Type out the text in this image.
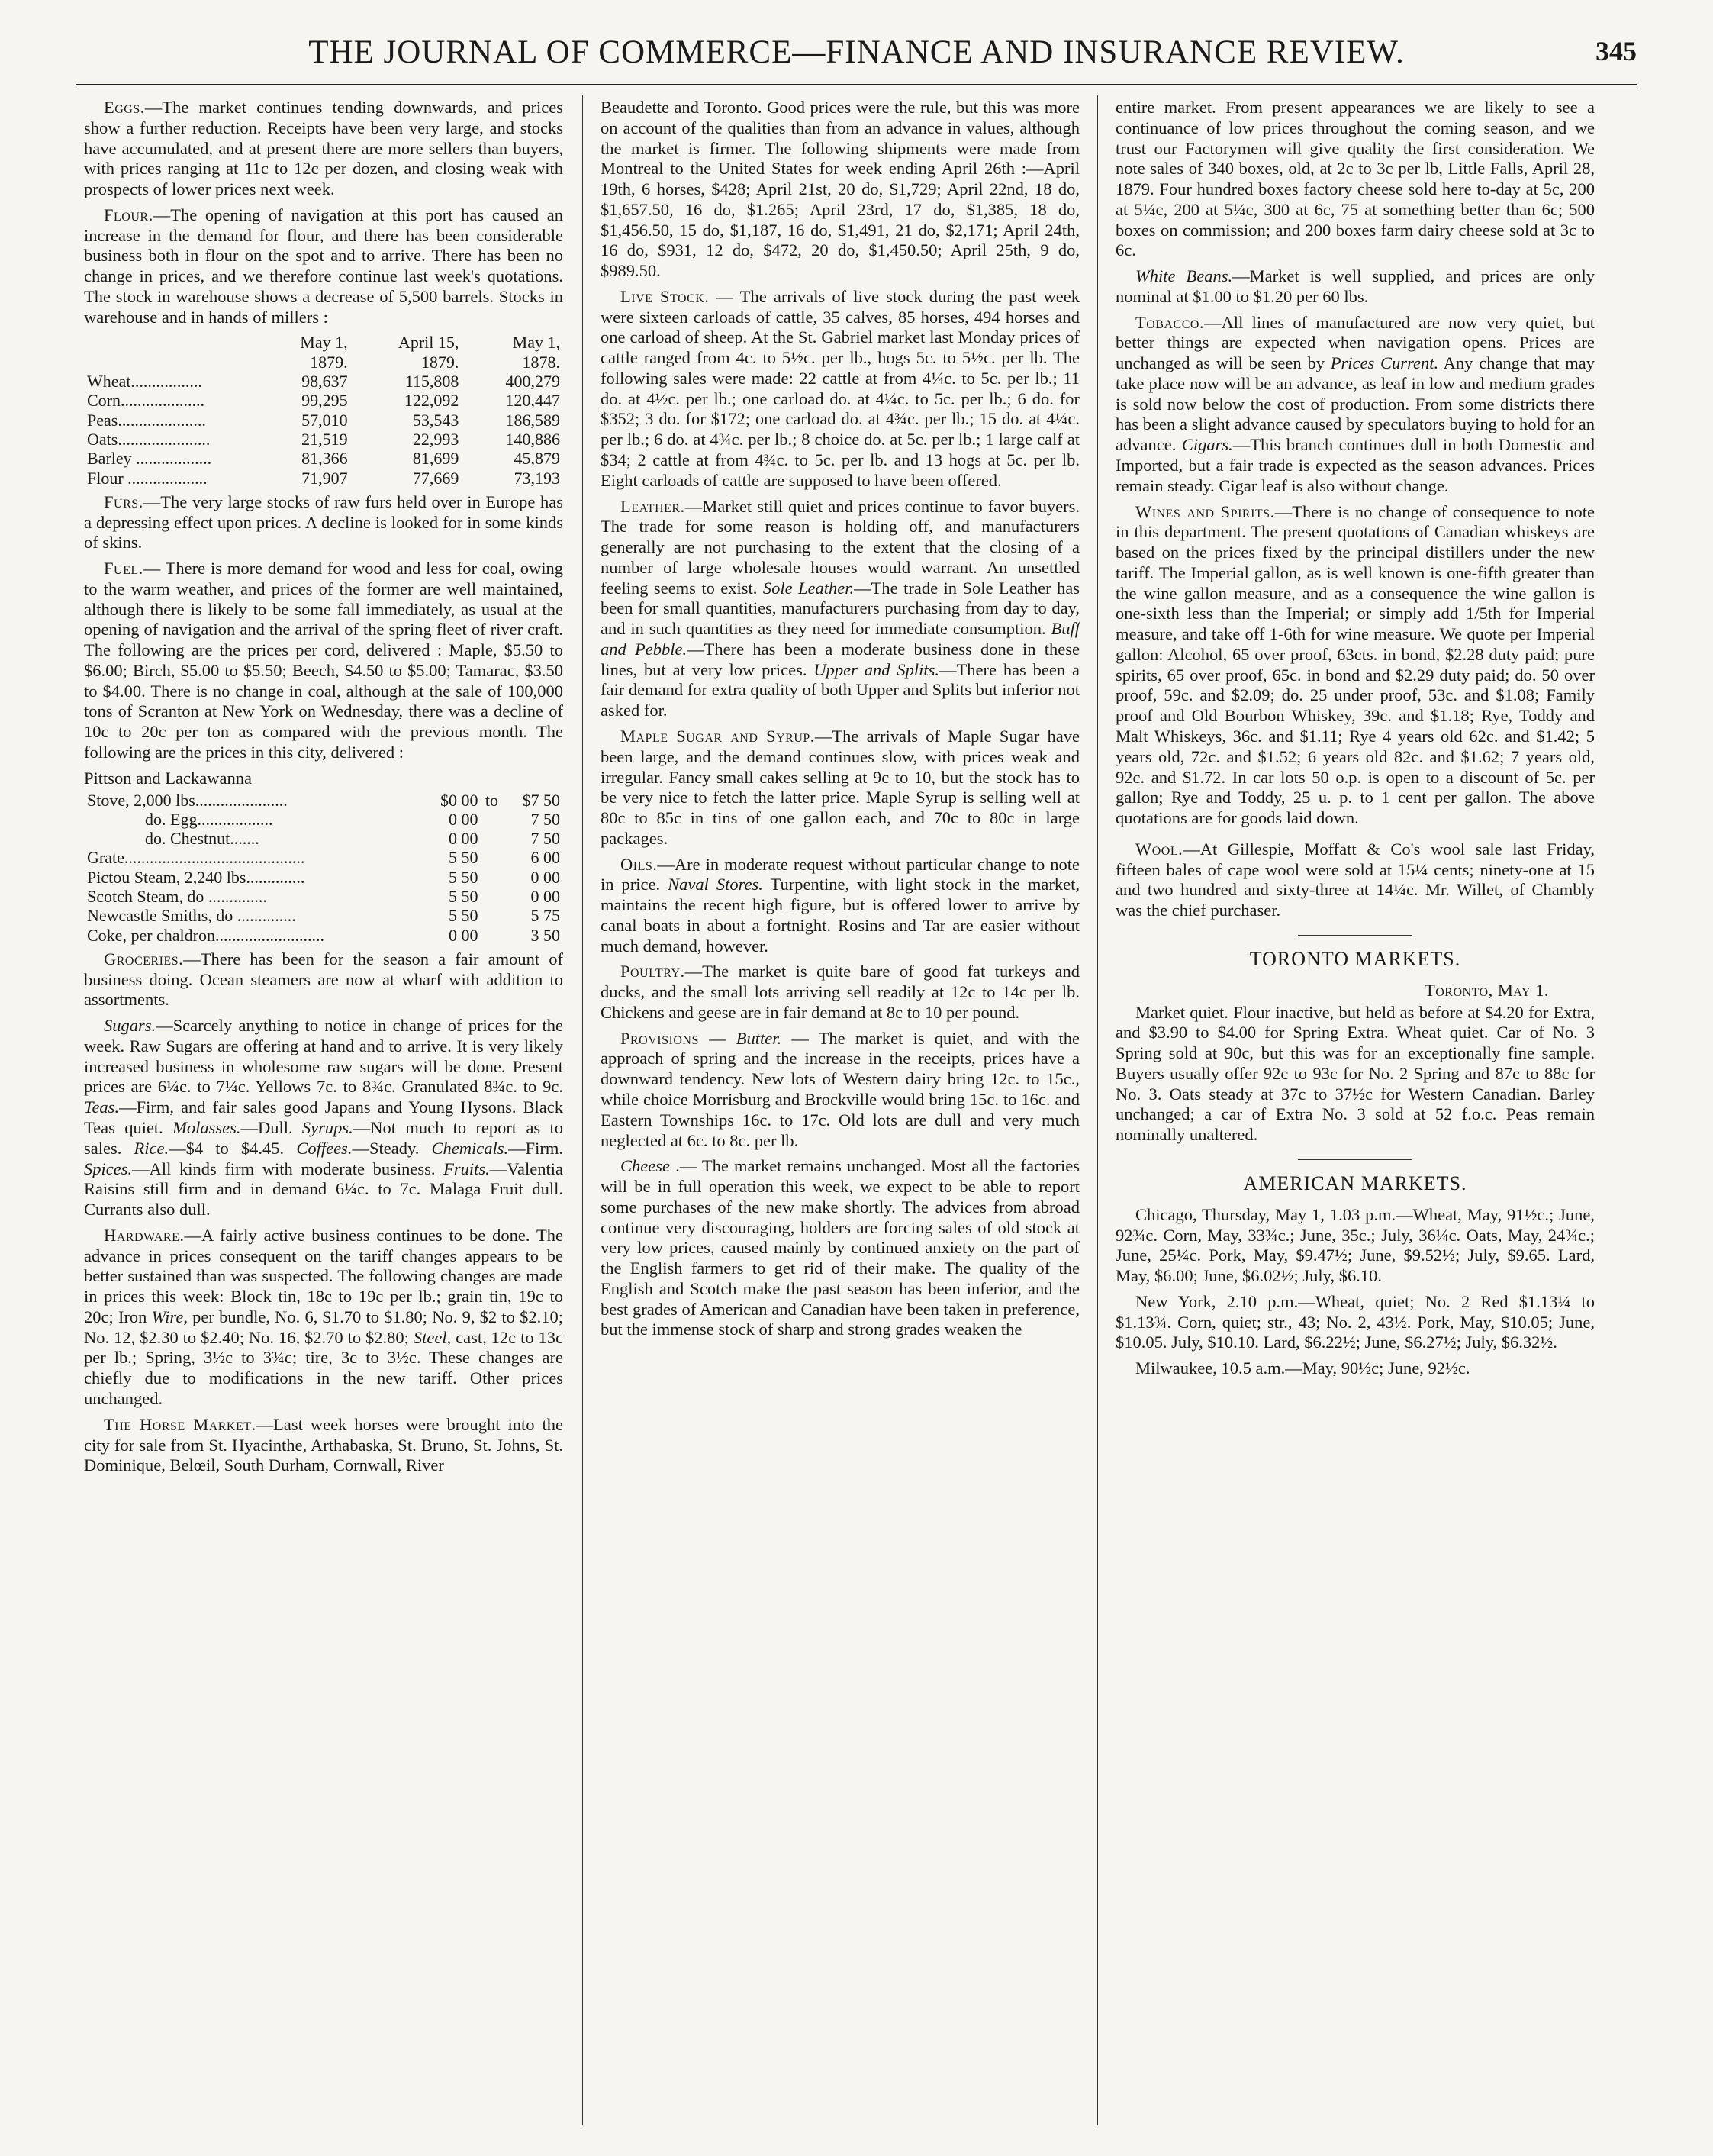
THE JOURNAL OF COMMERCE—FINANCE AND INSURANCE REVIEW.	345

Eggs.—The market continues tending downwards, and prices show a further reduction. Receipts have been very large, and stocks have accumulated, and at present there are more sellers than buyers, with prices ranging at 11c to 12c per dozen, and closing weak with prospects of lower prices next week.

Flour.—The opening of navigation at this port has caused an increase in the demand for flour, and there has been considerable business both in flour on the spot and to arrive. There has been no change in prices, and we therefore continue last week's quotations. The stock in warehouse shows a decrease of 5,500 barrels. Stocks in warehouse and in hands of millers :

	May 1,	April 15,	May 1,
	1879.	1879.	1878.
Wheat.................	98,637	115,808	400,279
Corn....................	99,295	122,092	120,447
Peas.....................	57,010	53,543	186,589
Oats......................	21,519	22,993	140,886
Barley ..................	81,366	81,699	45,879
Flour ...................	71,907	77,669	73,193

Furs.—The very large stocks of raw furs held over in Europe has a depressing effect upon prices. A decline is looked for in some kinds of skins.

Fuel.— There is more demand for wood and less for coal, owing to the warm weather, and prices of the former are well maintained, although there is likely to be some fall immediately, as usual at the opening of navigation and the arrival of the spring fleet of river craft. The following are the prices per cord, delivered : Maple, $5.50 to $6.00; Birch, $5.00 to $5.50; Beech, $4.50 to $5.00; Tamarac, $3.50 to $4.00. There is no change in coal, although at the sale of 100,000 tons of Scranton at New York on Wednesday, there was a decline of 10c to 20c per ton as compared with the previous month. The following are the prices in this city, delivered :

Pittson and Lackawanna

Stove, 2,000 lbs......................	$0 00	to	$7 50
do. Egg..................	0 00		7 50
do. Chestnut.......	0 00		7 50
Grate...........................................	5 50		6 00
Pictou Steam, 2,240 lbs..............	5 50		0 00
Scotch Steam, do ..............	5 50		0 00
Newcastle Smiths, do ..............	5 50		5 75
Coke, per chaldron..........................	0 00		3 50

Groceries.—There has been for the season a fair amount of business doing. Ocean steamers are now at wharf with addition to assortments.

Sugars.—Scarcely anything to notice in change of prices for the week. Raw Sugars are offering at hand and to arrive. It is very likely increased business in wholesome raw sugars will be done. Present prices are 6¼c. to 7¼c. Yellows 7c. to 8¾c. Granulated 8¾c. to 9c. Teas.—Firm, and fair sales good Japans and Young Hysons. Black Teas quiet. Molasses.—Dull. Syrups.—Not much to report as to sales. Rice.—$4 to $4.45. Coffees.—Steady. Chemicals.—Firm. Spices.—All kinds firm with moderate business. Fruits.—Valentia Raisins still firm and in demand 6¼c. to 7c. Malaga Fruit dull. Currants also dull.

Hardware.—A fairly active business continues to be done. The advance in prices consequent on the tariff changes appears to be better sustained than was suspected. The following changes are made in prices this week: Block tin, 18c to 19c per lb.; grain tin, 19c to 20c; Iron Wire, per bundle, No. 6, $1.70 to $1.80; No. 9, $2 to $2.10; No. 12, $2.30 to $2.40; No. 16, $2.70 to $2.80; Steel, cast, 12c to 13c per lb.; Spring, 3½c to 3¾c; tire, 3c to 3½c. These changes are chiefly due to modifications in the new tariff. Other prices unchanged.

The Horse Market.—Last week horses were brought into the city for sale from St. Hyacinthe, Arthabaska, St. Bruno, St. Johns, St. Dominique, Belœil, South Durham, Cornwall, River

Beaudette and Toronto. Good prices were the rule, but this was more on account of the qualities than from an advance in values, although the market is firmer. The following shipments were made from Montreal to the United States for week ending April 26th :—April 19th, 6 horses, $428; April 21st, 20 do, $1,729; April 22nd, 18 do, $1,657.50, 16 do, $1.265; April 23rd, 17 do, $1,385, 18 do, $1,456.50, 15 do, $1,187, 16 do, $1,491, 21 do, $2,171; April 24th, 16 do, $931, 12 do, $472, 20 do, $1,450.50; April 25th, 9 do, $989.50.

Live Stock. — The arrivals of live stock during the past week were sixteen carloads of cattle, 35 calves, 85 horses, 494 horses and one carload of sheep. At the St. Gabriel market last Monday prices of cattle ranged from 4c. to 5½c. per lb., hogs 5c. to 5½c. per lb. The following sales were made: 22 cattle at from 4¼c. to 5c. per lb.; 11 do. at 4½c. per lb.; one carload do. at 4¼c. to 5c. per lb.; 6 do. for $352; 3 do. for $172; one carload do. at 4¾c. per lb.; 15 do. at 4¼c. per lb.; 6 do. at 4¾c. per lb.; 8 choice do. at 5c. per lb.; 1 large calf at $34; 2 cattle at from 4¾c. to 5c. per lb. and 13 hogs at 5c. per lb. Eight carloads of cattle are supposed to have been offered.

Leather.—Market still quiet and prices continue to favor buyers. The trade for some reason is holding off, and manufacturers generally are not purchasing to the extent that the closing of a number of large wholesale houses would warrant. An unsettled feeling seems to exist. Sole Leather.—The trade in Sole Leather has been for small quantities, manufacturers purchasing from day to day, and in such quantities as they need for immediate consumption. Buff and Pebble.—There has been a moderate business done in these lines, but at very low prices. Upper and Splits.—There has been a fair demand for extra quality of both Upper and Splits but inferior not asked for.

Maple Sugar and Syrup.—The arrivals of Maple Sugar have been large, and the demand continues slow, with prices weak and irregular. Fancy small cakes selling at 9c to 10, but the stock has to be very nice to fetch the latter price. Maple Syrup is selling well at 80c to 85c in tins of one gallon each, and 70c to 80c in large packages.

Oils.—Are in moderate request without particular change to note in price. Naval Stores. Turpentine, with light stock in the market, maintains the recent high figure, but is offered lower to arrive by canal boats in about a fortnight. Rosins and Tar are easier without much demand, however.

Poultry.—The market is quite bare of good fat turkeys and ducks, and the small lots arriving sell readily at 12c to 14c per lb. Chickens and geese are in fair demand at 8c to 10 per pound.

Provisions — Butter. — The market is quiet, and with the approach of spring and the increase in the receipts, prices have a downward tendency. New lots of Western dairy bring 12c. to 15c., while choice Morrisburg and Brockville would bring 15c. to 16c. and Eastern Townships 16c. to 17c. Old lots are dull and very much neglected at 6c. to 8c. per lb.

Cheese .— The market remains unchanged. Most all the factories will be in full operation this week, we expect to be able to report some purchases of the new make shortly. The advices from abroad continue very discouraging, holders are forcing sales of old stock at very low prices, caused mainly by continued anxiety on the part of the English farmers to get rid of their make. The quality of the English and Scotch make the past season has been inferior, and the best grades of American and Canadian have been taken in preference, but the immense stock of sharp and strong grades weaken the

entire market. From present appearances we are likely to see a continuance of low prices throughout the coming season, and we trust our Factorymen will give quality the first consideration. We note sales of 340 boxes, old, at 2c to 3c per lb, Little Falls, April 28, 1879. Four hundred boxes factory cheese sold here to-day at 5c, 200 at 5¼c, 200 at 5¼c, 300 at 6c, 75 at something better than 6c; 500 boxes on commission; and 200 boxes farm dairy cheese sold at 3c to 6c.

White Beans.—Market is well supplied, and prices are only nominal at $1.00 to $1.20 per 60 lbs.

Tobacco.—All lines of manufactured are now very quiet, but better things are expected when navigation opens. Prices are unchanged as will be seen by Prices Current. Any change that may take place now will be an advance, as leaf in low and medium grades is sold now below the cost of production. From some districts there has been a slight advance caused by speculators buying to hold for an advance. Cigars.—This branch continues dull in both Domestic and Imported, but a fair trade is expected as the season advances. Prices remain steady. Cigar leaf is also without change.

Wines and Spirits.—There is no change of consequence to note in this department. The present quotations of Canadian whiskeys are based on the prices fixed by the principal distillers under the new tariff. The Imperial gallon, as is well known is one-fifth greater than the wine gallon measure, and as a consequence the wine gallon is one-sixth less than the Imperial; or simply add 1/5th for Imperial measure, and take off 1-6th for wine measure. We quote per Imperial gallon: Alcohol, 65 over proof, 63cts. in bond, $2.28 duty paid; pure spirits, 65 over proof, 65c. in bond and $2.29 duty paid; do. 50 over proof, 59c. and $2.09; do. 25 under proof, 53c. and $1.08; Family proof and Old Bourbon Whiskey, 39c. and $1.18; Rye, Toddy and Malt Whiskeys, 36c. and $1.11; Rye 4 years old 62c. and $1.42; 5 years old, 72c. and $1.52; 6 years old 82c. and $1.62; 7 years old, 92c. and $1.72. In car lots 50 o.p. is open to a discount of 5c. per gallon; Rye and Toddy, 25 u. p. to 1 cent per gallon. The above quotations are for goods laid down.

Wool.—At Gillespie, Moffatt & Co's wool sale last Friday, fifteen bales of cape wool were sold at 15¼ cents; ninety-one at 15 and two hundred and sixty-three at 14¼c. Mr. Willet, of Chambly was the chief purchaser.

TORONTO MARKETS.

Toronto, May 1.

Market quiet. Flour inactive, but held as before at $4.20 for Extra, and $3.90 to $4.00 for Spring Extra. Wheat quiet. Car of No. 3 Spring sold at 90c, but this was for an exceptionally fine sample. Buyers usually offer 92c to 93c for No. 2 Spring and 87c to 88c for No. 3. Oats steady at 37c to 37½c for Western Canadian. Barley unchanged; a car of Extra No. 3 sold at 52 f.o.c. Peas remain nominally unaltered.

AMERICAN MARKETS.

Chicago, Thursday, May 1, 1.03 p.m.—Wheat, May, 91½c.; June, 92¾c. Corn, May, 33¾c.; June, 35c.; July, 36¼c. Oats, May, 24¾c.; June, 25¼c. Pork, May, $9.47½; June, $9.52½; July, $9.65. Lard, May, $6.00; June, $6.02½; July, $6.10.

New York, 2.10 p.m.—Wheat, quiet; No. 2 Red $1.13¼ to $1.13¾. Corn, quiet; str., 43; No. 2, 43½. Pork, May, $10.05; June, $10.05. July, $10.10. Lard, $6.22½; June, $6.27½; July, $6.32½.

Milwaukee, 10.5 a.m.—May, 90½c; June, 92½c.
